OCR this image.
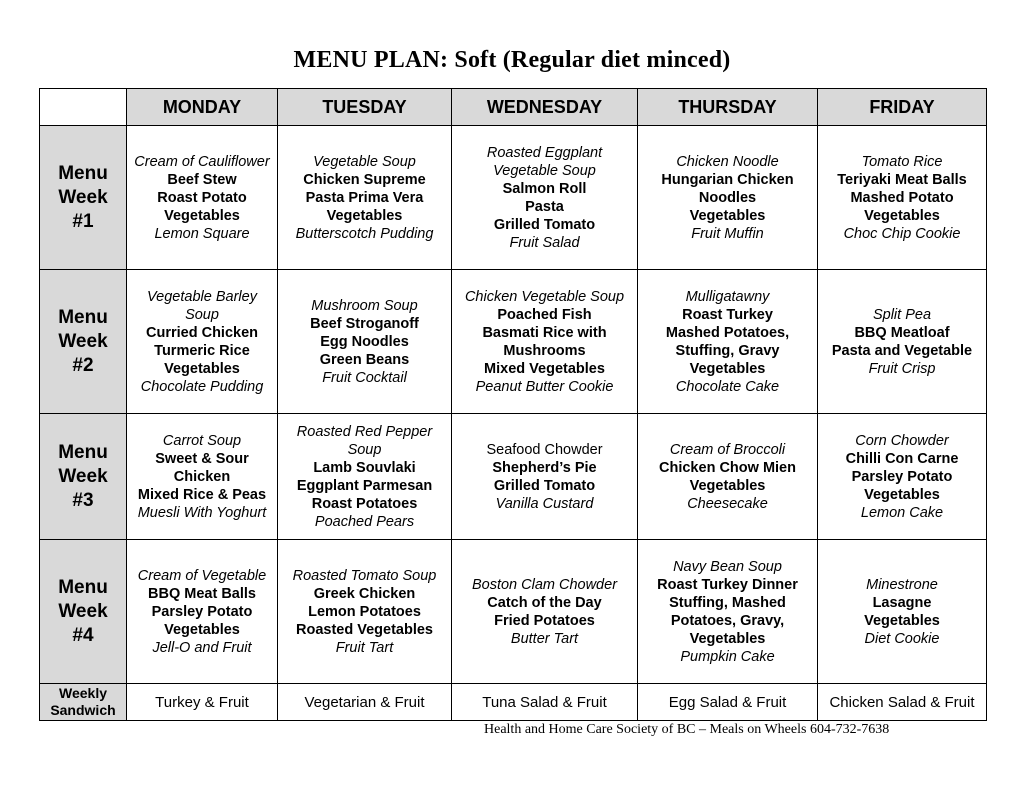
MENU PLAN: Soft (Regular diet minced)
	MONDAY	TUESDAY	WEDNESDAY	THURSDAY	FRIDAY

Menu
Week
#1	Cream of Cauliflower
Beef Stew
Roast Potato
Vegetables
Lemon Square	Vegetable Soup
Chicken Supreme
Pasta Prima Vera
Vegetables
Butterscotch Pudding	Roasted Eggplant Vegetable Soup
Salmon Roll
Pasta
Grilled Tomato
Fruit Salad	Chicken Noodle
Hungarian Chicken Noodles
Vegetables
Fruit Muffin	Tomato Rice
Teriyaki Meat Balls
Mashed Potato
Vegetables
Choc Chip Cookie

Menu
Week
#2	Vegetable Barley Soup
Curried Chicken
Turmeric Rice
Vegetables
Chocolate Pudding	Mushroom Soup
Beef Stroganoff
Egg Noodles
Green Beans
Fruit Cocktail	Chicken Vegetable Soup
Poached Fish
Basmati Rice with Mushrooms
Mixed Vegetables
Peanut Butter Cookie	Mulligatawny
Roast Turkey
Mashed Potatoes, Stuffing, Gravy
Vegetables
Chocolate Cake	Split Pea
BBQ Meatloaf
Pasta and Vegetable
Fruit Crisp

Menu
Week
#3	Carrot Soup
Sweet & Sour Chicken
Mixed Rice & Peas
Muesli With Yoghurt	Roasted Red Pepper Soup
Lamb Souvlaki
Eggplant Parmesan
Roast Potatoes
Poached Pears	Seafood Chowder
Shepherd’s Pie
Grilled Tomato
Vanilla Custard	Cream of Broccoli
Chicken Chow Mien
Vegetables
Cheesecake	Corn Chowder
Chilli Con Carne
Parsley Potato
Vegetables
Lemon Cake

Menu
Week
#4	Cream of Vegetable
BBQ Meat Balls
Parsley Potato
Vegetables
Jell-O and Fruit	Roasted Tomato Soup
Greek Chicken
Lemon Potatoes
Roasted Vegetables
Fruit Tart	Boston Clam Chowder
Catch of the Day
Fried Potatoes
Butter Tart	Navy Bean Soup
Roast Turkey Dinner Stuffing, Mashed Potatoes, Gravy, Vegetables
Pumpkin Cake	Minestrone
Lasagne
Vegetables
Diet Cookie

Weekly
Sandwich	Turkey & Fruit	Vegetarian & Fruit	Tuna Salad & Fruit	Egg Salad & Fruit	Chicken Salad & Fruit
Health and Home Care Society of BC – Meals on Wheels 604-732-7638
